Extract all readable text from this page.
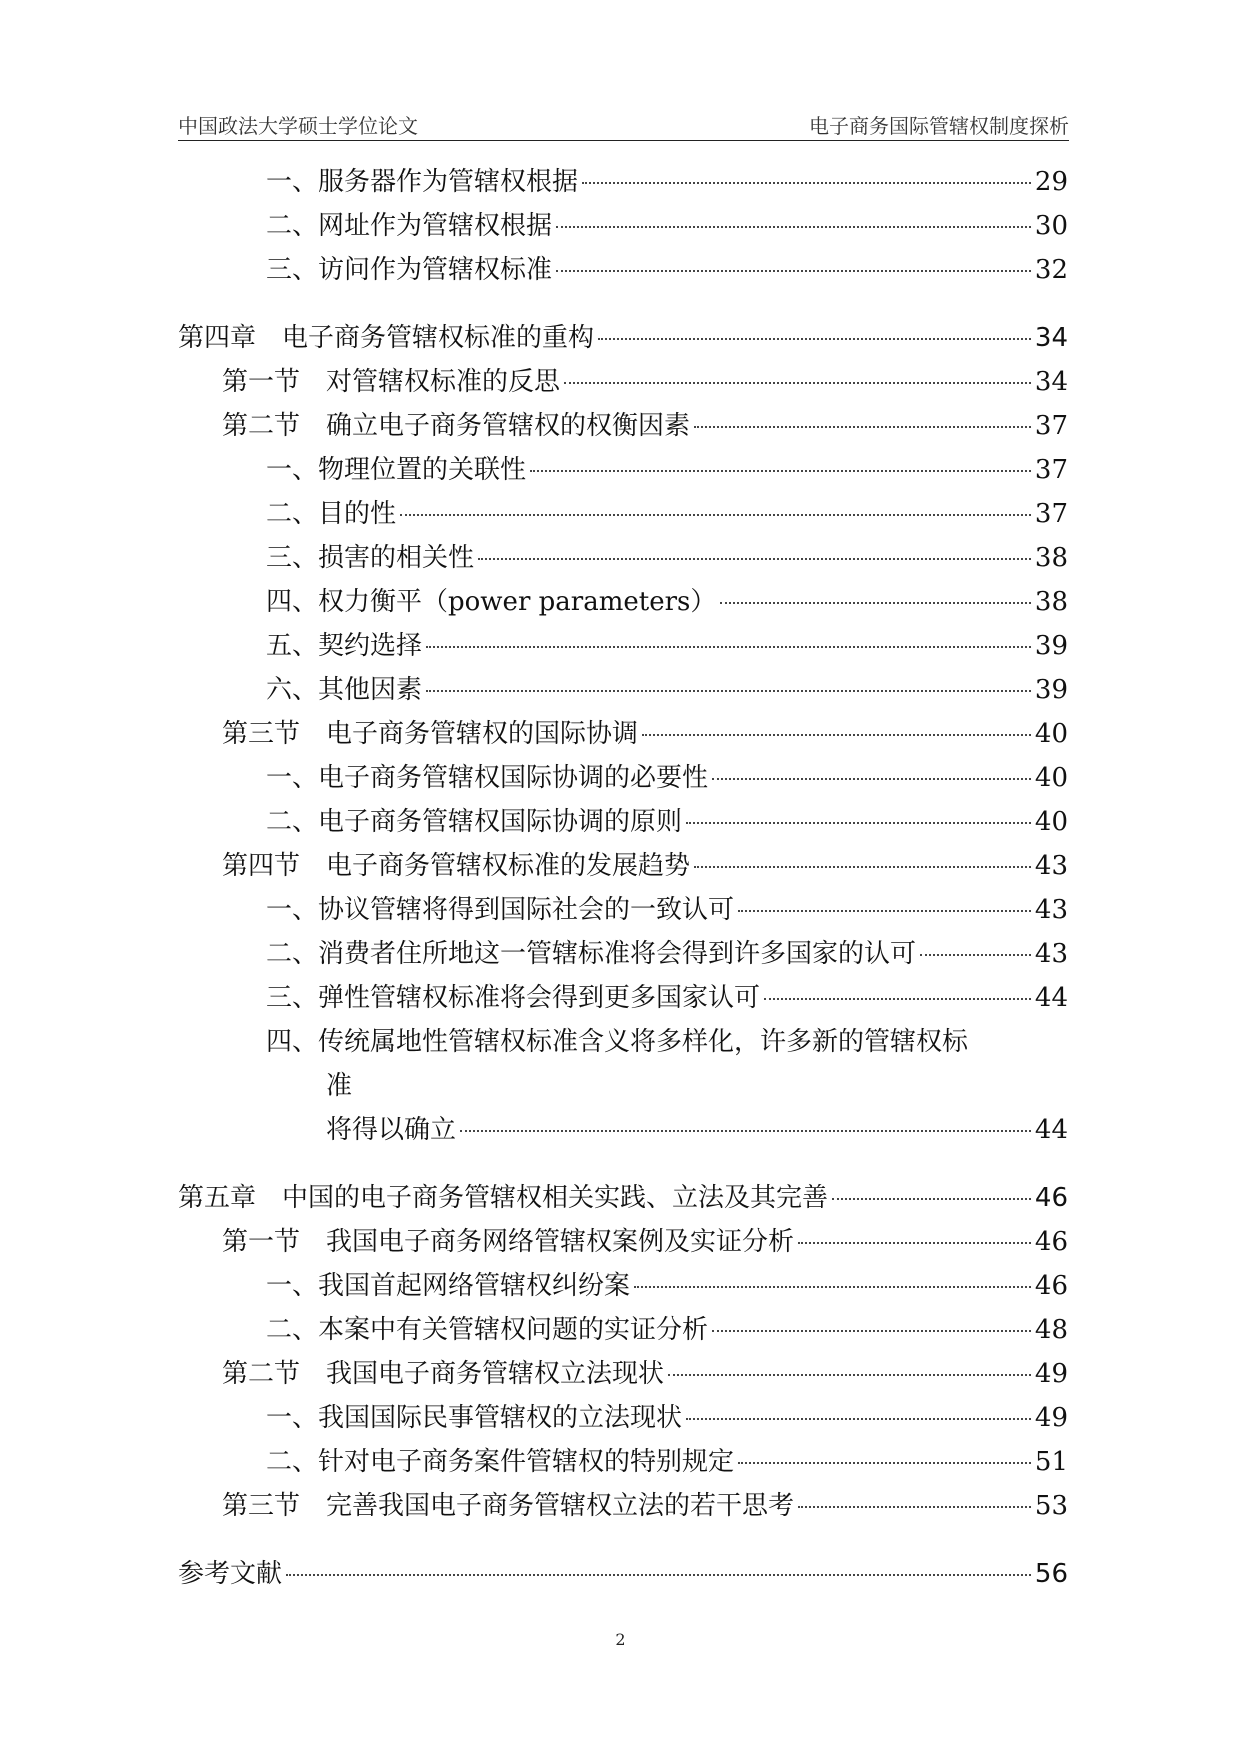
中国政法大学硕士学位论文	电子商务国际管辖权制度探析
一、服务器作为管辖权根据	29
二、网址作为管辖权根据	30
三、访问作为管辖权标准	32
第四章　电子商务管辖权标准的重构	34
第一节　对管辖权标准的反思	34
第二节　确立电子商务管辖权的权衡因素	37
一、物理位置的关联性	37
二、目的性	37
三、损害的相关性	38
四、权力衡平（power parameters）	38
五、契约选择	39
六、其他因素	39
第三节　电子商务管辖权的国际协调	40
一、电子商务管辖权国际协调的必要性	40
二、电子商务管辖权国际协调的原则	40
第四节　电子商务管辖权标准的发展趋势	43
一、协议管辖将得到国际社会的一致认可	43
二、消费者住所地这一管辖标准将会得到许多国家的认可	43
三、弹性管辖权标准将会得到更多国家认可	44
四、传统属地性管辖权标准含义将多样化，许多新的管辖权标
准
将得以确立	44
第五章　中国的电子商务管辖权相关实践、立法及其完善	46
第一节　我国电子商务网络管辖权案例及实证分析	46
一、我国首起网络管辖权纠纷案	46
二、本案中有关管辖权问题的实证分析	48
第二节　我国电子商务管辖权立法现状	49
一、我国国际民事管辖权的立法现状	49
二、针对电子商务案件管辖权的特别规定	51
第三节　完善我国电子商务管辖权立法的若干思考	53
参考文献	56
2
